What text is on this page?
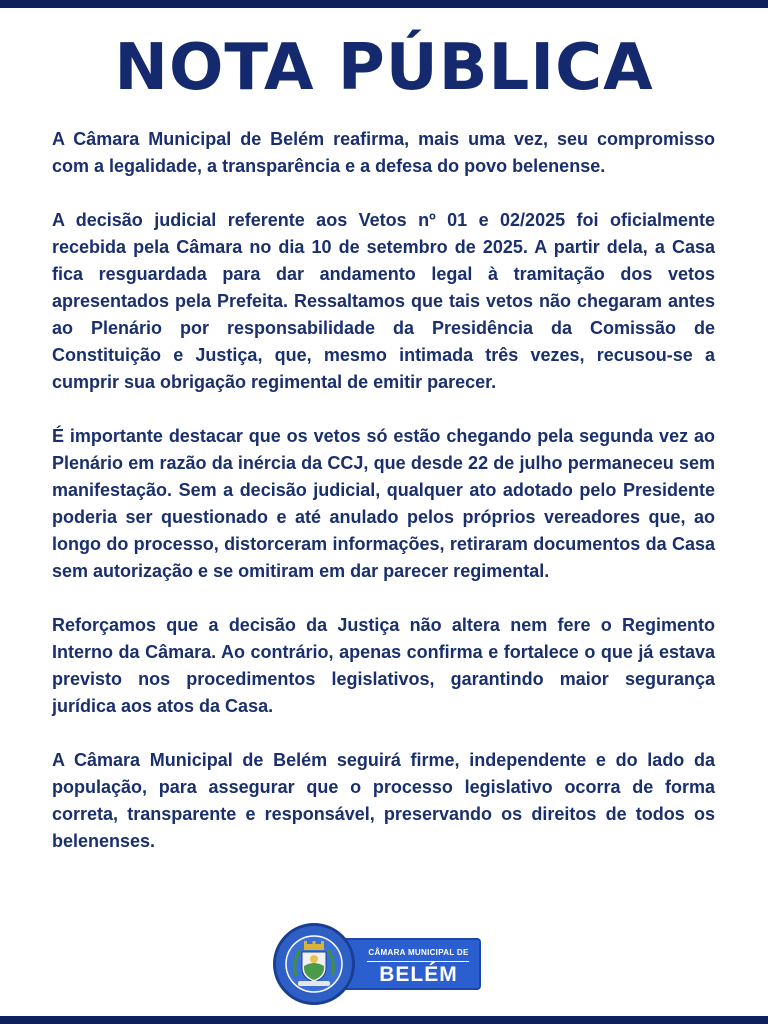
NOTA PÚBLICA

A Câmara Municipal de Belém reafirma, mais uma vez, seu compromisso com a legalidade, a transparência e a defesa do povo belenense.

A decisão judicial referente aos Vetos nº 01 e 02/2025 foi oficialmente recebida pela Câmara no dia 10 de setembro de 2025. A partir dela, a Casa fica resguardada para dar andamento legal à tramitação dos vetos apresentados pela Prefeita. Ressaltamos que tais vetos não chegaram antes ao Plenário por responsabilidade da Presidência da Comissão de Constituição e Justiça, que, mesmo intimada três vezes, recusou-se a cumprir sua obrigação regimental de emitir parecer.

É importante destacar que os vetos só estão chegando pela segunda vez ao Plenário em razão da inércia da CCJ, que desde 22 de julho permaneceu sem manifestação. Sem a decisão judicial, qualquer ato adotado pelo Presidente poderia ser questionado e até anulado pelos próprios vereadores que, ao longo do processo, distorceram informações, retiraram documentos da Casa sem autorização e se omitiram em dar parecer regimental.

Reforçamos que a decisão da Justiça não altera nem fere o Regimento Interno da Câmara. Ao contrário, apenas confirma e fortalece o que já estava previsto nos procedimentos legislativos, garantindo maior segurança jurídica aos atos da Casa.

A Câmara Municipal de Belém seguirá firme, independente e do lado da população, para assegurar que o processo legislativo ocorra de forma correta, transparente e responsável, preservando os direitos de todos os belenenses.

CÂMARA MUNICIPAL DE
BELÉM
